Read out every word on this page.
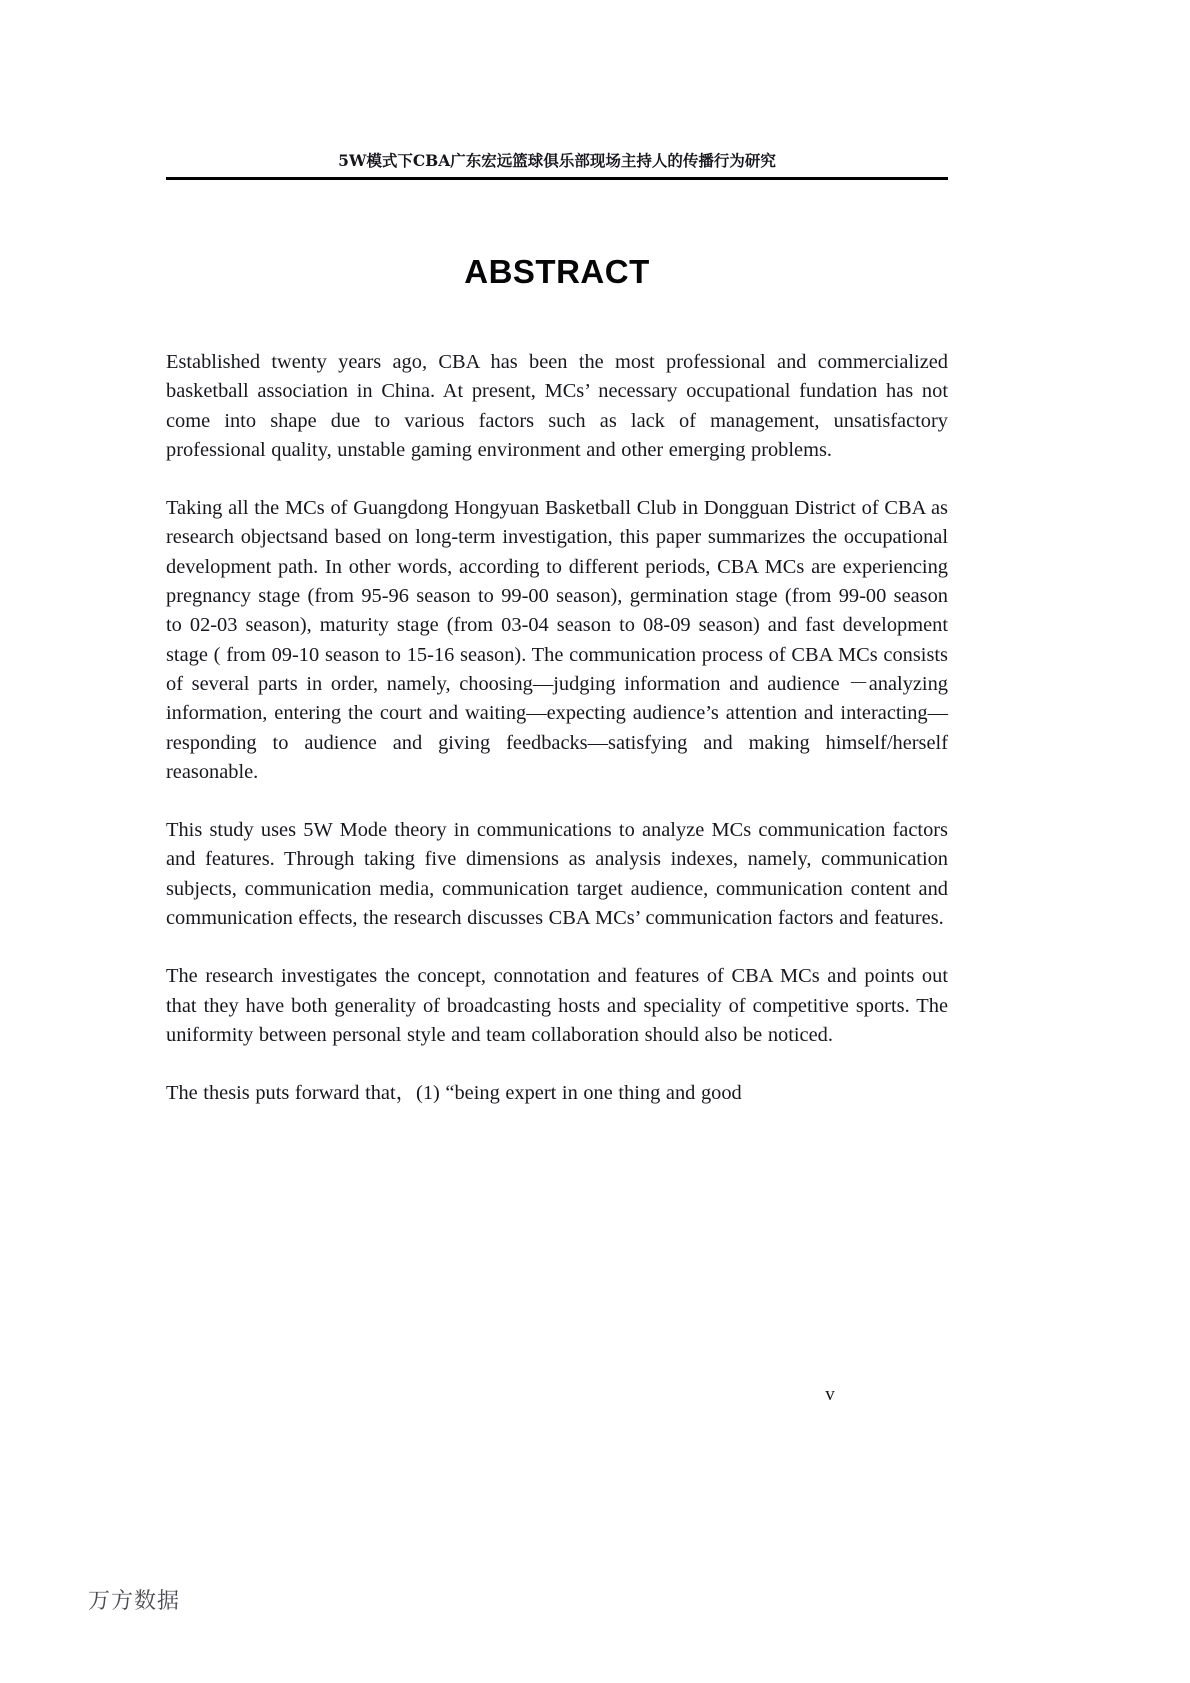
5W模式下CBA广东宏远篮球俱乐部现场主持人的传播行为研究
ABSTRACT

Established twenty years ago, CBA has been the most professional and commercialized basketball association in China. At present, MCs’ necessary occupational fundation has not come into shape due to various factors such as lack of management, unsatisfactory professional quality, unstable gaming environment and other emerging problems.

Taking all the MCs of Guangdong Hongyuan Basketball Club in Dongguan District of CBA as research objectsand based on long-term investigation, this paper summarizes the occupational development path. In other words, according to different periods, CBA MCs are experiencing pregnancy stage (from 95-96 season to 99-00 season), germination stage (from 99-00 season to 02-03 season), maturity stage (from 03-04 season to 08-09 season) and fast development stage ( from 09-10 season to 15-16 season). The communication process of CBA MCs consists of several parts in order, namely, choosing—judging information and audience －analyzing information, entering the court and waiting—expecting audience’s attention and interacting—responding to audience and giving feedbacks—satisfying and making himself/herself reasonable.

This study uses 5W Mode theory in communications to analyze MCs communication factors and features. Through taking five dimensions as analysis indexes, namely, communication subjects, communication media, communication target audience, communication content and communication effects, the research discusses CBA MCs’ communication factors and features.

The research investigates the concept, connotation and features of CBA MCs and points out that they have both generality of broadcasting hosts and speciality of competitive sports. The uniformity between personal style and team collaboration should also be noticed.

The thesis puts forward that，(1) “being expert in one thing and good

v
万方数据
